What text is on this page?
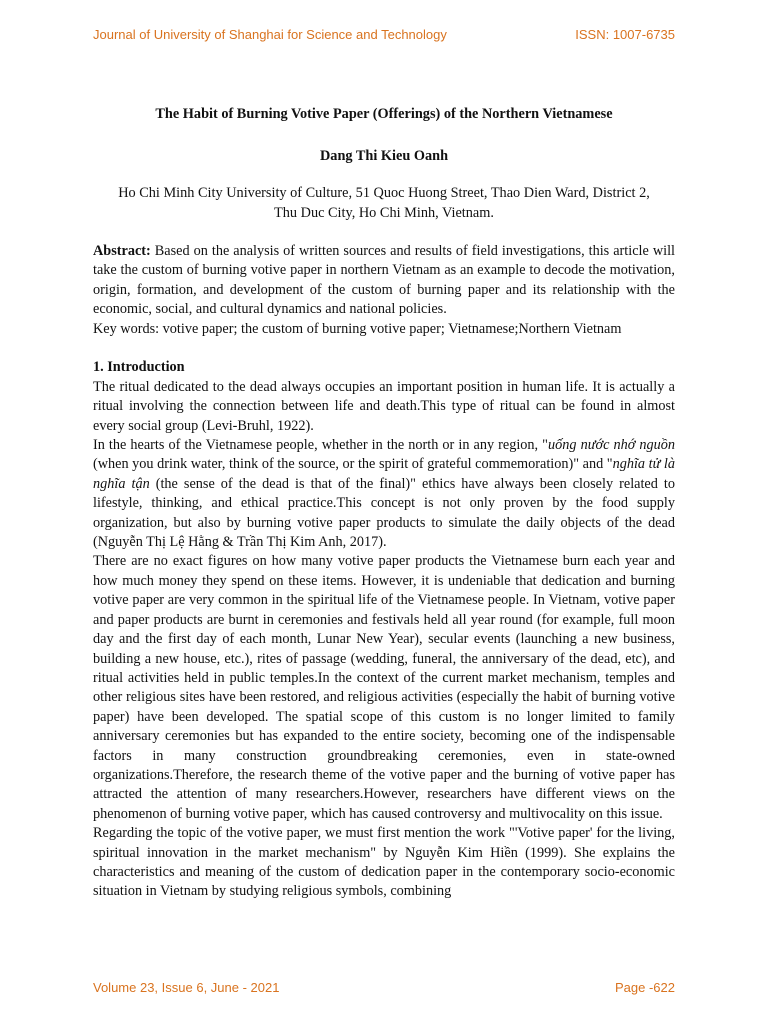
Journal of University of Shanghai for Science and Technology	ISSN: 1007-6735
The Habit of Burning Votive Paper (Offerings) of the Northern Vietnamese
Dang Thi Kieu Oanh
Ho Chi Minh City University of Culture, 51 Quoc Huong Street, Thao Dien Ward, District 2,
Thu Duc City, Ho Chi Minh, Vietnam.

Abstract: Based on the analysis of written sources and results of field investigations, this article will take the custom of burning votive paper in northern Vietnam as an example to decode the motivation, origin, formation, and development of the custom of burning paper and its relationship with the economic, social, and cultural dynamics and national policies.

Key words: votive paper; the custom of burning votive paper; Vietnamese;Northern Vietnam

1. Introduction

The ritual dedicated to the dead always occupies an important position in human life. It is actually a ritual involving the connection between life and death.This type of ritual can be found in almost every social group (Levi-Bruhl, 1922).

In the hearts of the Vietnamese people, whether in the north or in any region, "uống nước nhớ nguồn (when you drink water, think of the source, or the spirit of grateful commemoration)" and "nghĩa tử là nghĩa tận (the sense of the dead is that of the final)" ethics have always been closely related to lifestyle, thinking, and ethical practice.This concept is not only proven by the food supply organization, but also by burning votive paper products to simulate the daily objects of the dead (Nguyễn Thị Lệ Hằng & Trần Thị Kim Anh, 2017).

There are no exact figures on how many votive paper products the Vietnamese burn each year and how much money they spend on these items. However, it is undeniable that dedication and burning votive paper are very common in the spiritual life of the Vietnamese people. In Vietnam, votive paper and paper products are burnt in ceremonies and festivals held all year round (for example, full moon day and the first day of each month, Lunar New Year), secular events (launching a new business, building a new house, etc.), rites of passage (wedding, funeral, the anniversary of the dead, etc), and ritual activities held in public temples.In the context of the current market mechanism, temples and other religious sites have been restored, and religious activities (especially the habit of burning votive paper) have been developed. The spatial scope of this custom is no longer limited to family anniversary ceremonies but has expanded to the entire society, becoming one of the indispensable factors in many construction groundbreaking ceremonies, even in state-owned organizations.Therefore, the research theme of the votive paper and the burning of votive paper has attracted the attention of many researchers.However, researchers have different views on the phenomenon of burning votive paper, which has caused controversy and multivocality on this issue.

Regarding the topic of the votive paper, we must first mention the work "'Votive paper' for the living, spiritual innovation in the market mechanism" by Nguyễn Kim Hiền (1999). She explains the characteristics and meaning of the custom of dedication paper in the contemporary socio-economic situation in Vietnam by studying religious symbols, combining

Volume 23, Issue 6, June - 2021	Page -622
